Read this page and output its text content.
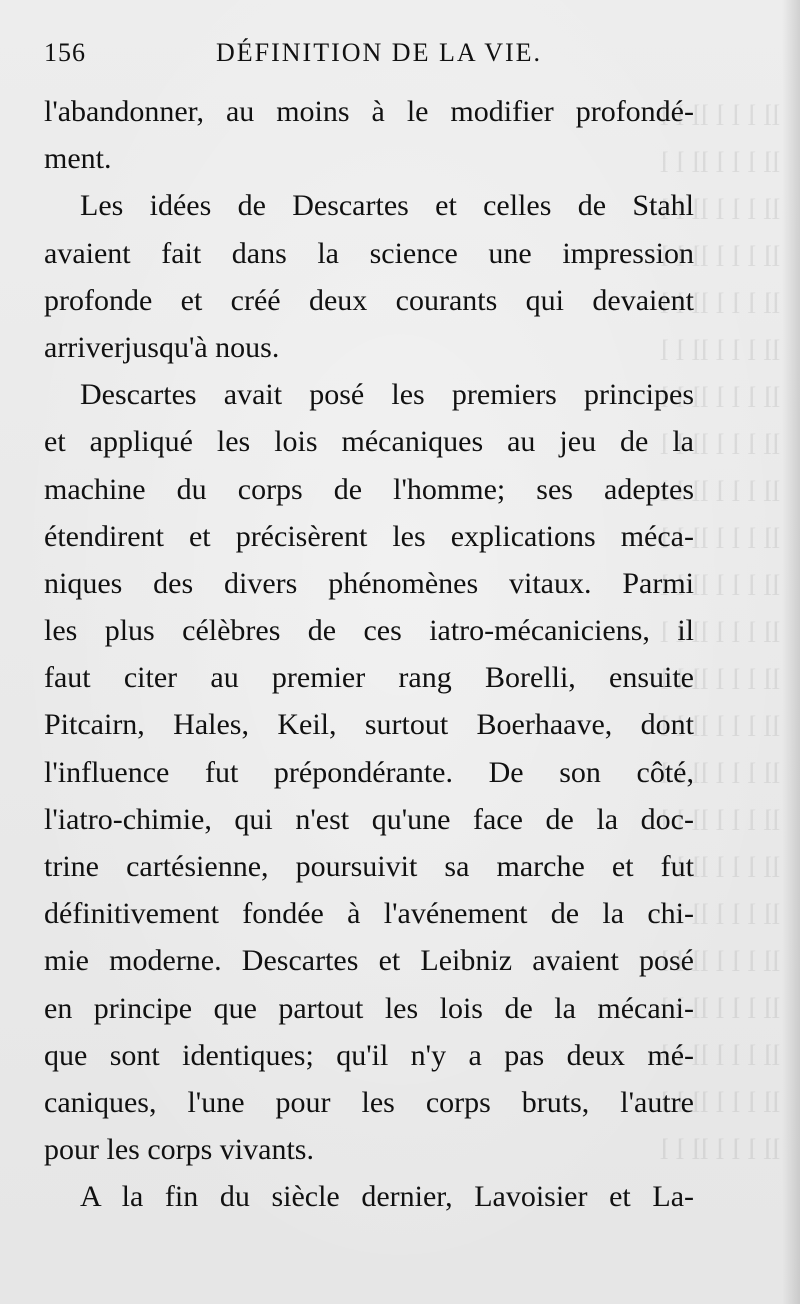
ll l l l ll l l
ll l l l ll l l
ll l l l ll l l
ll l l l ll l l
ll l l l ll l l
ll l l l ll l l
ll l l l ll l l
ll l l l ll l l
ll l l l ll l l
ll l l l ll l l
ll l l l ll l l
ll l l l ll l l
ll l l l ll l l
ll l l l ll l l
ll l l l ll l l
ll l l l ll l l
ll l l l ll l l
ll l l l ll l l
ll l l l ll l l
ll l l l ll l l
ll l l l ll l l
ll l l l ll l l
ll l l l ll l l
156	DÉFINITION DE LA VIE.
l'abandonner, au moins à le modifier profondé-
ment.
Les idées de Descartes et celles de Stahl
avaient fait dans la science une impression
profonde et créé deux courants qui devaient
arriverjusqu'à nous.
Descartes avait posé les premiers principes
et appliqué les lois mécaniques au jeu de la
machine du corps de l'homme; ses adeptes
étendirent et précisèrent les explications méca-
niques des divers phénomènes vitaux. Parmi
les plus célèbres de ces iatro-mécaniciens, il
faut citer au premier rang Borelli, ensuite
Pitcairn, Hales, Keil, surtout Boerhaave, dont
l'influence fut prépondérante. De son côté,
l'iatro-chimie, qui n'est qu'une face de la doc-
trine cartésienne, poursuivit sa marche et fut
définitivement fondée à l'avénement de la chi-
mie moderne. Descartes et Leibniz avaient posé
en principe que partout les lois de la mécani-
que sont identiques; qu'il n'y a pas deux mé-
caniques, l'une pour les corps bruts, l'autre
pour les corps vivants.
A la fin du siècle dernier, Lavoisier et La-
